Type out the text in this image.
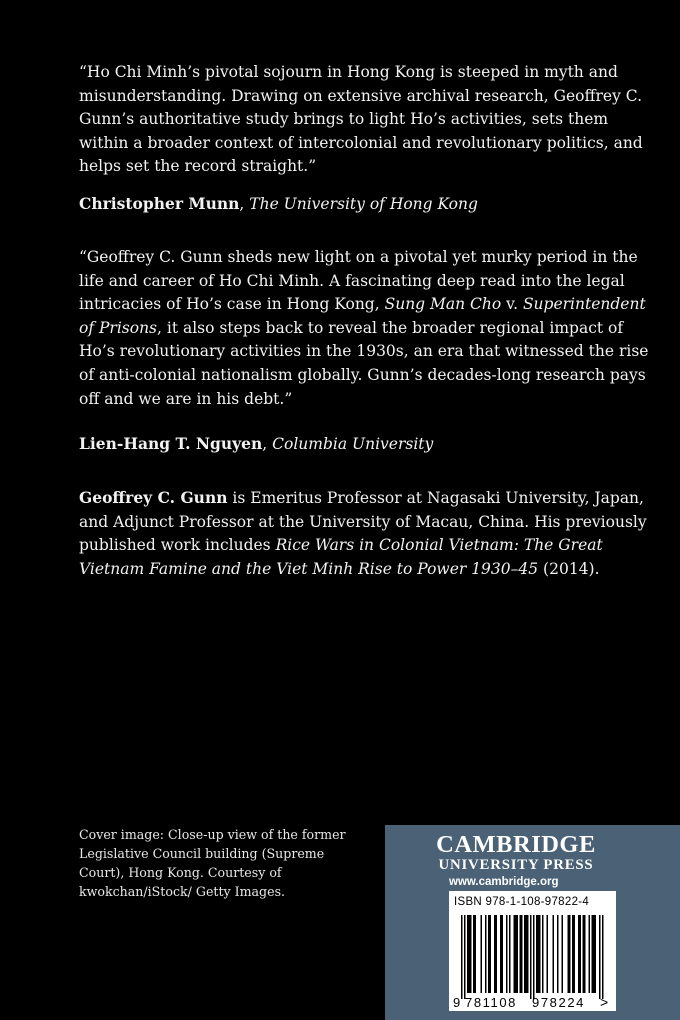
“Ho Chi Minh’s pivotal sojourn in Hong Kong is steeped in myth and misunderstanding. Drawing on extensive archival research, Geoffrey C. Gunn’s authoritative study brings to light Ho’s activities, sets them within a broader context of intercolonial and revolutionary politics, and helps set the record straight.”

Christopher Munn, The University of Hong Kong

“Geoffrey C. Gunn sheds new light on a pivotal yet murky period in the life and career of Ho Chi Minh. A fascinating deep read into the legal intricacies of Ho’s case in Hong Kong, Sung Man Cho v. Superintendent of Prisons, it also steps back to reveal the broader regional impact of Ho’s revolutionary activities in the 1930s, an era that witnessed the rise of anti-colonial nationalism globally. Gunn’s decades-long research pays off and we are in his debt.”

Lien-Hang T. Nguyen, Columbia University

Geoffrey C. Gunn is Emeritus Professor at Nagasaki University, Japan, and Adjunct Professor at the University of Macau, China. His previously published work includes Rice Wars in Colonial Vietnam: The Great Vietnam Famine and the Viet Minh Rise to Power 1930–45 (2014).

Cover image: Close-up view of the former Legislative Council building (Supreme Court), Hong Kong. Courtesy of kwokchan/iStock/ Getty Images.
CAMBRIDGE
UNIVERSITY PRESS
www.cambridge.org
ISBN 978-1-108-97822-4
9 781108 978224 >
